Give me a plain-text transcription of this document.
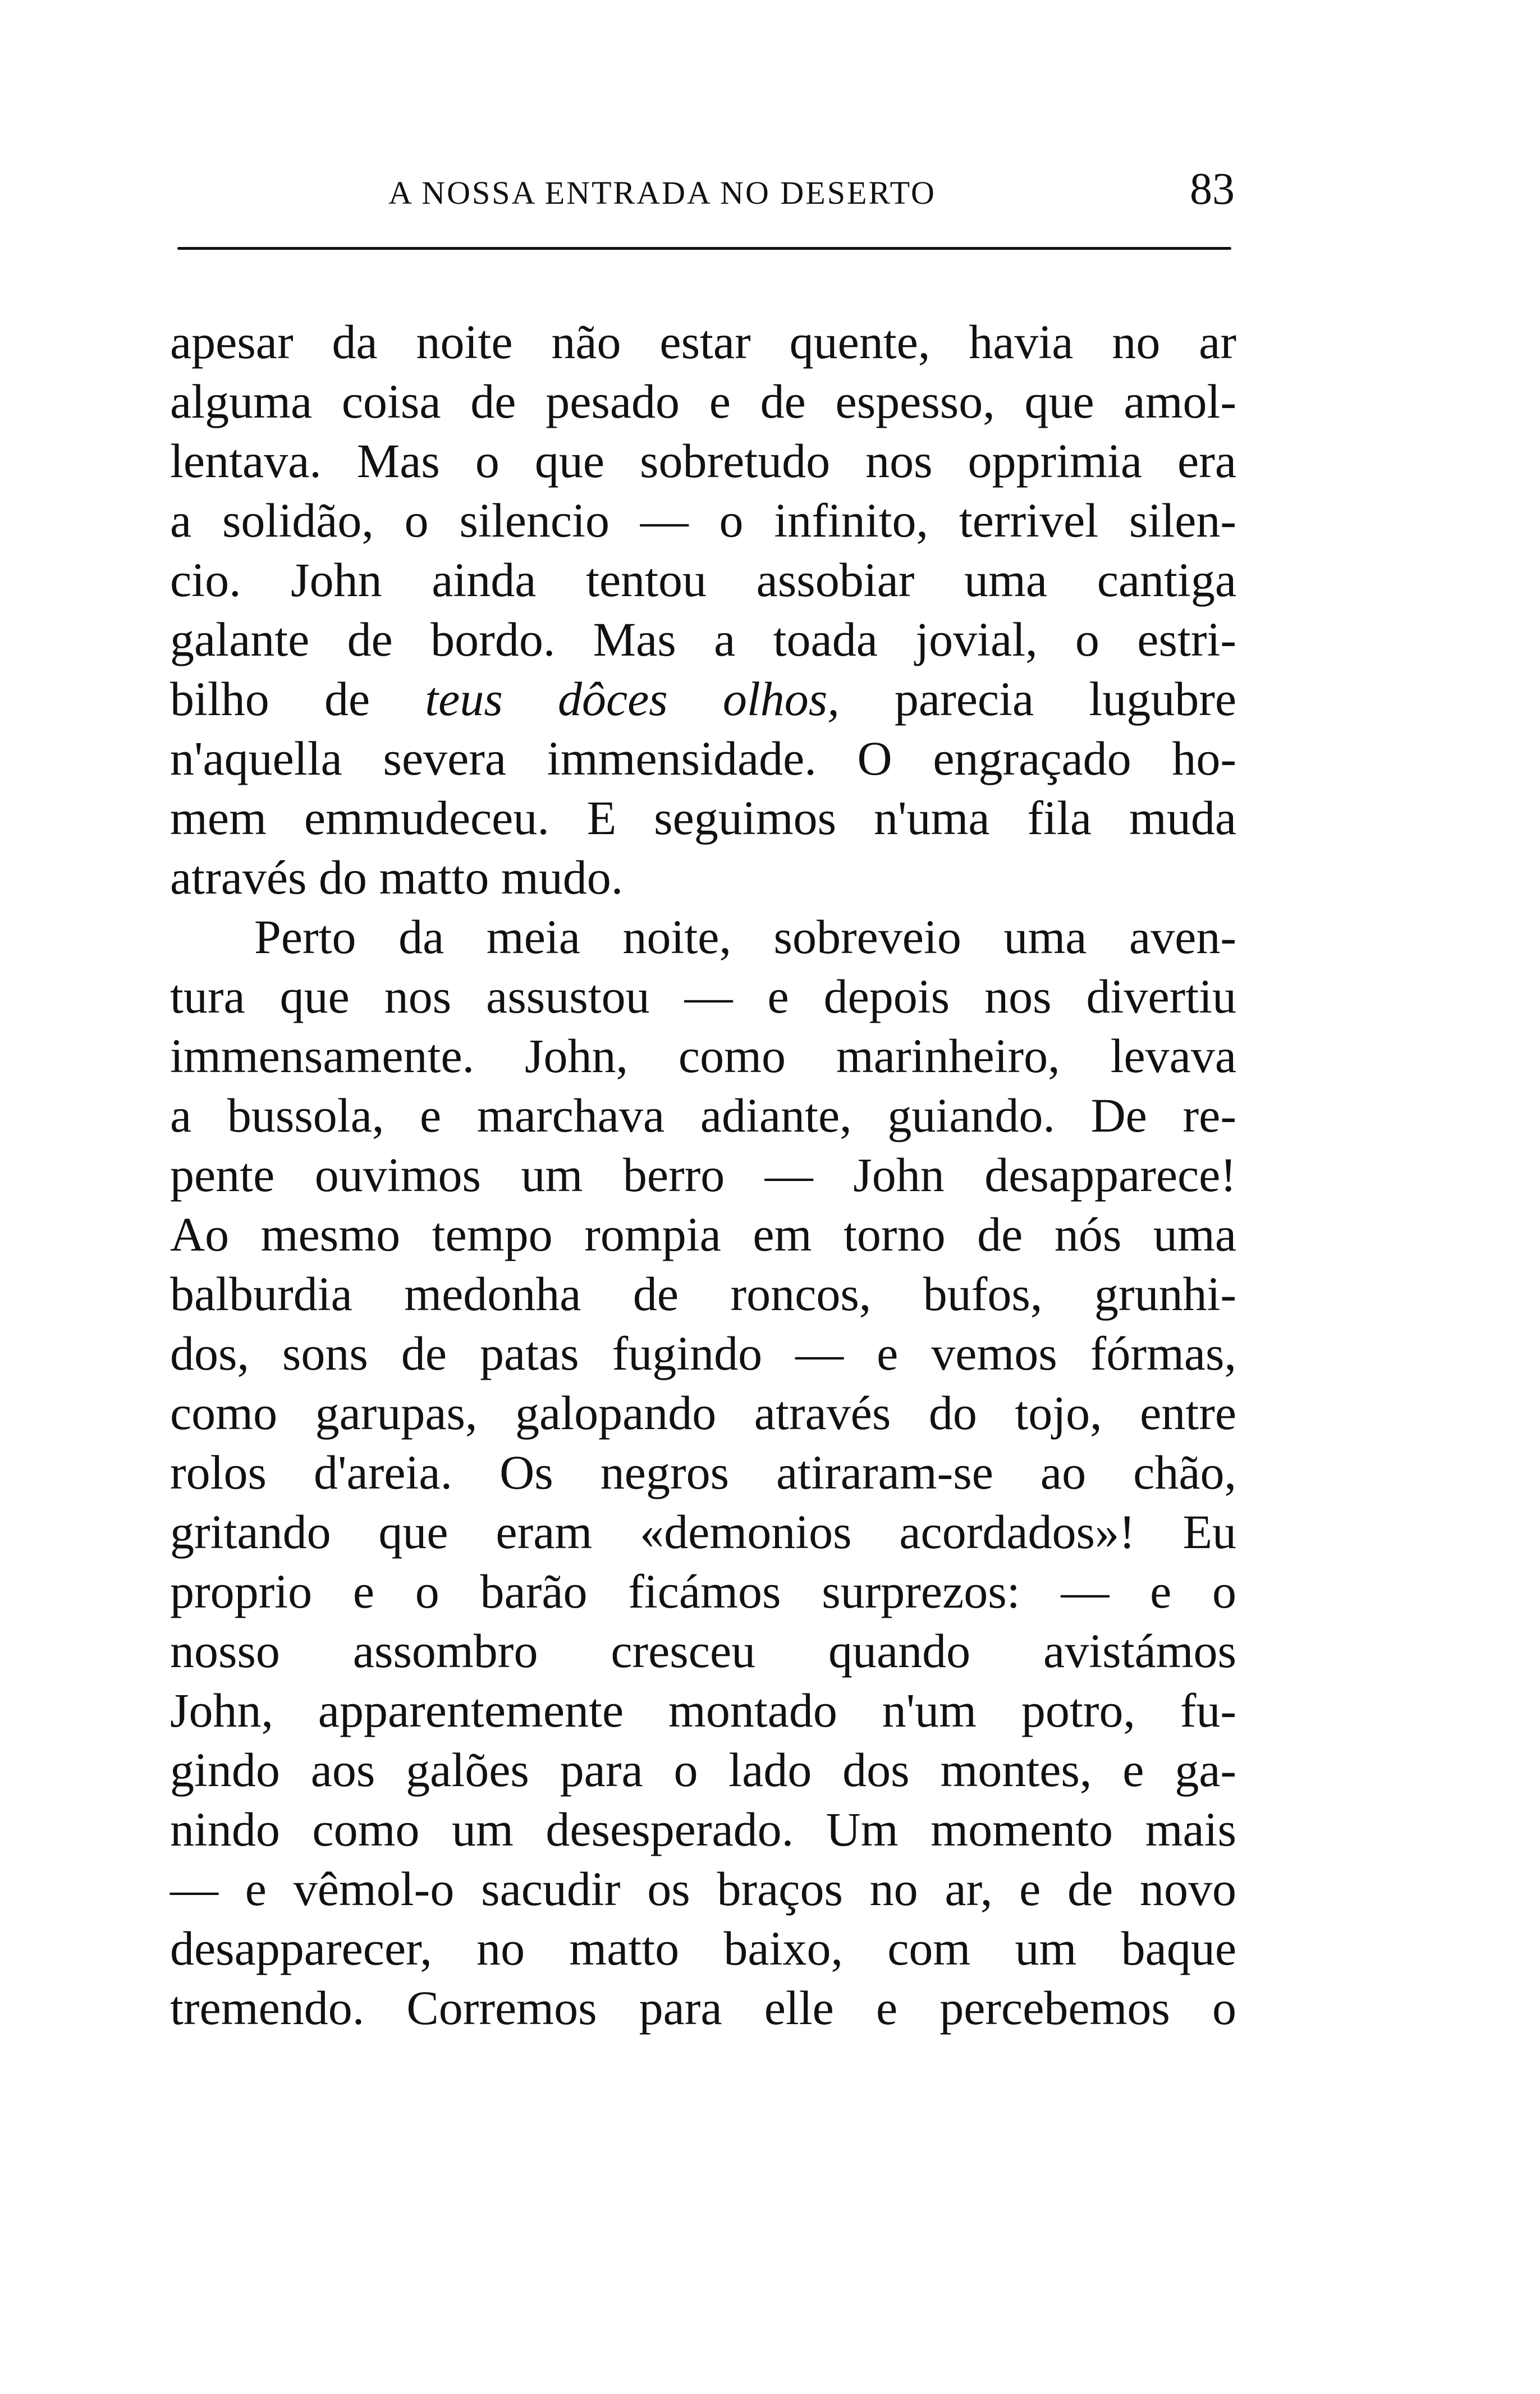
A NOSSA ENTRADA NO DESERTO	83
apesar da noite não estar quente, havia no ar
alguma coisa de pesado e de espesso, que amol-
lentava. Mas o que sobretudo nos opprimia era
a solidão, o silencio — o infinito, terrivel silen-
cio. John ainda tentou assobiar uma cantiga
galante de bordo. Mas a toada jovial, o estri-
bilho de teus dôces olhos, parecia lugubre
n'aquella severa immensidade. O engraçado ho-
mem emmudeceu. E seguimos n'uma fila muda
através do matto mudo.
Perto da meia noite, sobreveio uma aven-
tura que nos assustou — e depois nos divertiu
immensamente. John, como marinheiro, levava
a bussola, e marchava adiante, guiando. De re-
pente ouvimos um berro — John desapparece!
Ao mesmo tempo rompia em torno de nós uma
balburdia medonha de roncos, bufos, grunhi-
dos, sons de patas fugindo — e vemos fórmas,
como garupas, galopando através do tojo, entre
rolos d'areia. Os negros atiraram-se ao chão,
gritando que eram «demonios acordados»! Eu
proprio e o barão ficámos surprezos: — e o
nosso assombro cresceu quando avistámos
John, apparentemente montado n'um potro, fu-
gindo aos galões para o lado dos montes, e ga-
nindo como um desesperado. Um momento mais
— e vêmol-o sacudir os braços no ar, e de novo
desapparecer, no matto baixo, com um baque
tremendo. Corremos para elle e percebemos o
